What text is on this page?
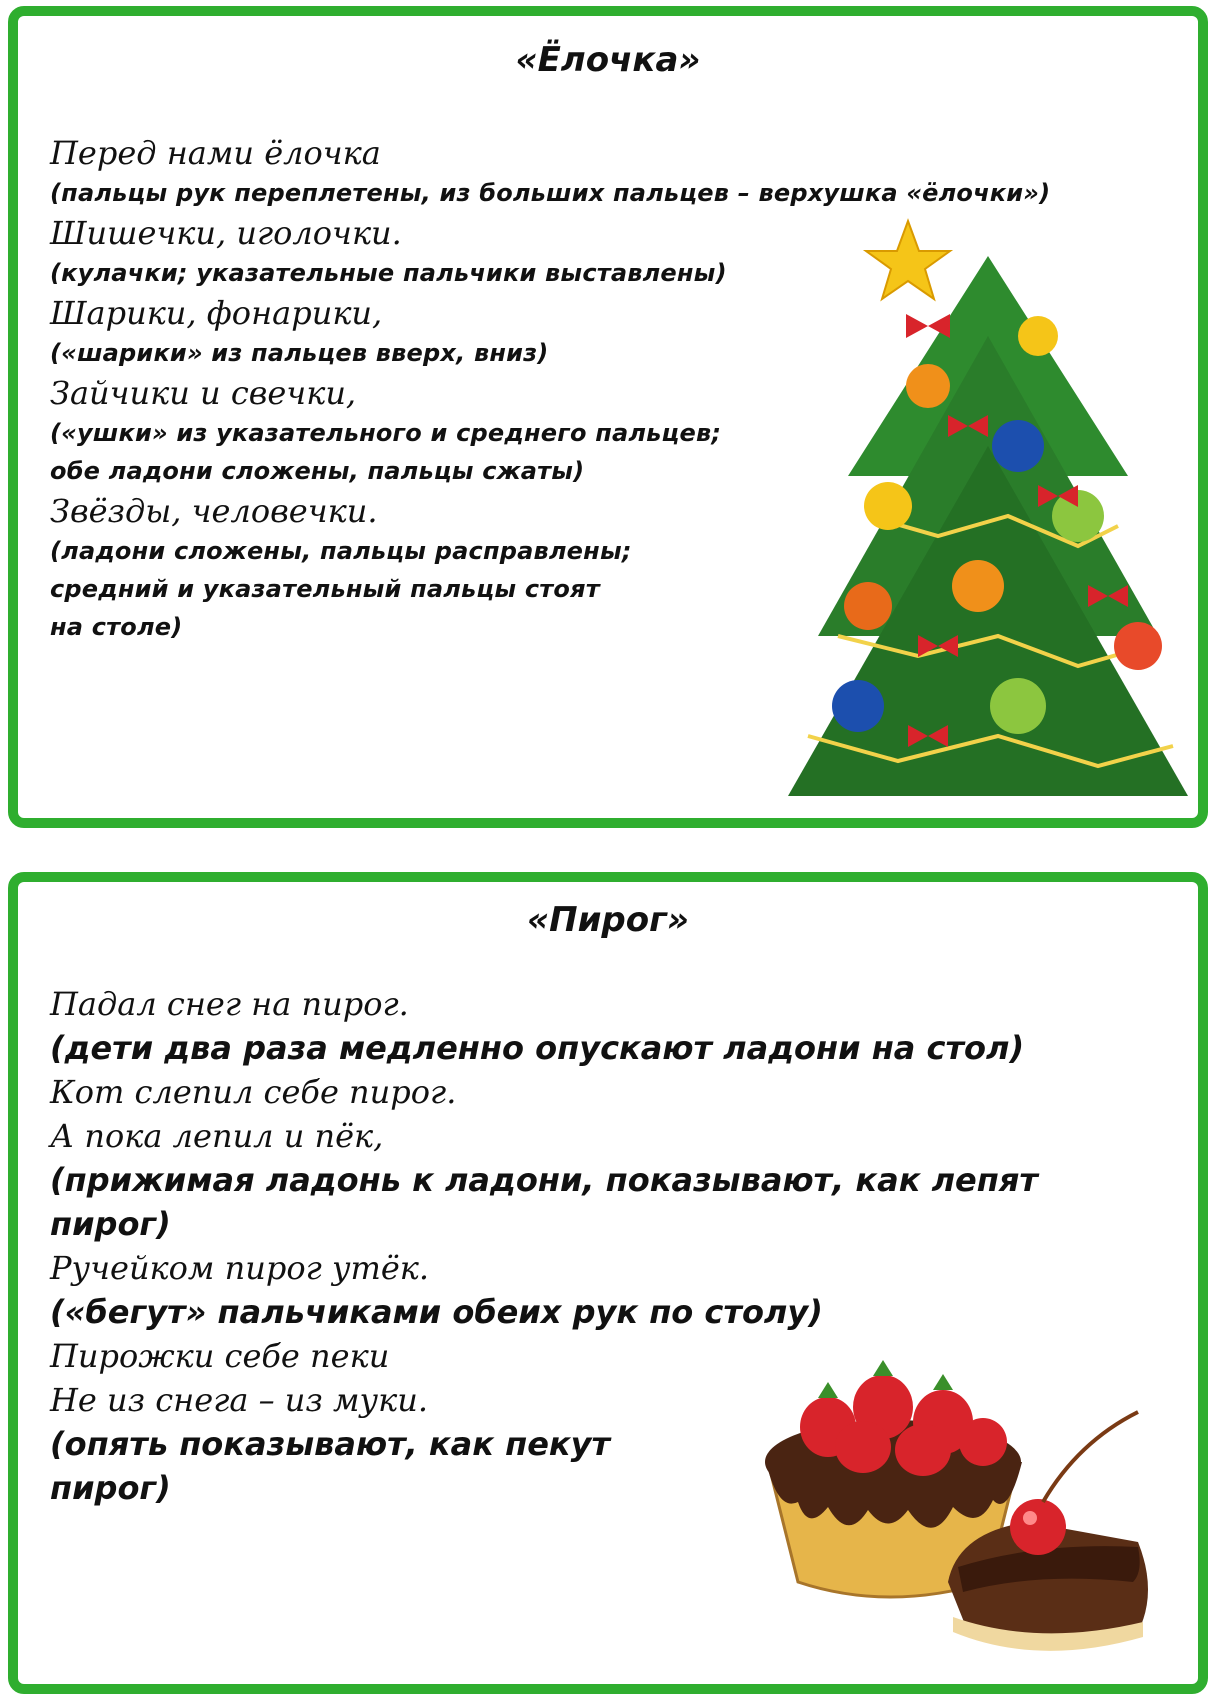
«Ёлочка»
Перед нами ёлочка
(пальцы рук переплетены, из больших пальцев – верхушка «ёлочки»)
Шишечки, иголочки.
(кулачки; указательные пальчики выставлены)
Шарики, фонарики,
(«шарики» из пальцев вверх, вниз)
Зайчики и свечки,
(«ушки» из указательного и среднего пальцев;
обе ладони сложены, пальцы сжаты)
Звёзды, человечки.
(ладони сложены, пальцы расправлены;
средний и указательный пальцы стоят
на столе)
«Пирог»
Падал снег на пирог.
(дети два раза медленно опускают ладони на стол)
Кот слепил себе пирог.
А пока лепил и пёк,
(прижимая ладонь к ладони, показывают, как лепят
пирог)
Ручейком пирог утёк.
(«бегут» пальчиками обеих рук по столу)
Пирожки себе пеки
Не из снега – из муки.
(опять показывают, как пекут
пирог)
